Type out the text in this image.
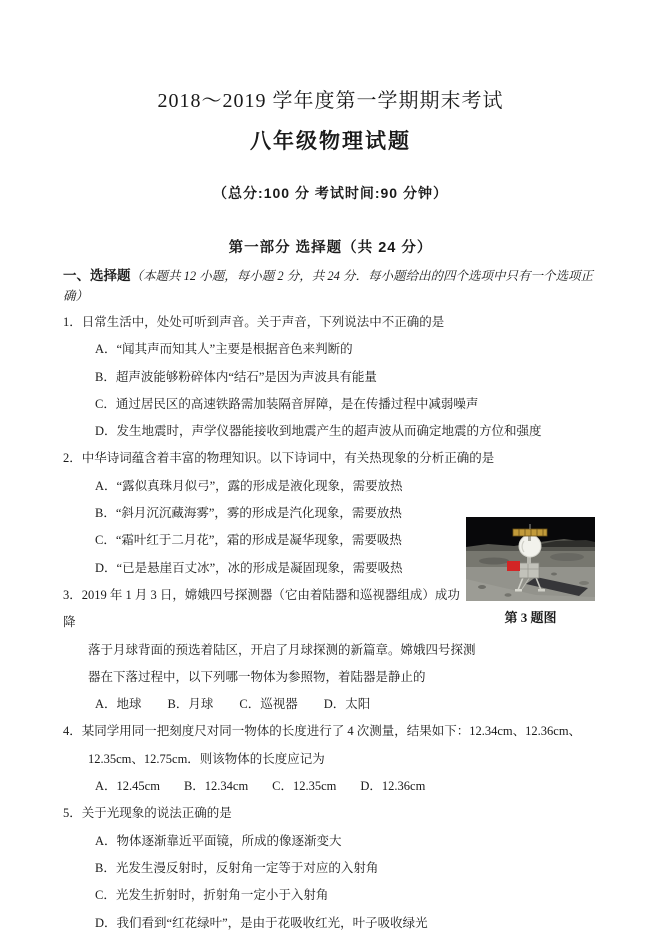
2018～2019 学年度第一学期期末考试
八年级物理试题
（总分:100 分 考试时间:90 分钟）
第一部分 选择题（共 24 分）
一、选择题（本题共 12 小题，每小题 2 分，共 24 分．每小题给出的四个选项中只有一个选项正确）
1．日常生活中，处处可听到声音。关于声音，下列说法中不正确的是
A．“闻其声而知其人”主要是根据音色来判断的
B．超声波能够粉碎体内“结石”是因为声波具有能量
C．通过居民区的高速铁路需加装隔音屏障，是在传播过程中减弱噪声
D．发生地震时，声学仪器能接收到地震产生的超声波从而确定地震的方位和强度
2．中华诗词蕴含着丰富的物理知识。以下诗词中，有关热现象的分析正确的是
A．“露似真珠月似弓”，露的形成是液化现象，需要放热
B．“斜月沉沉藏海雾”，雾的形成是汽化现象，需要放热
C．“霜叶红于二月花”，霜的形成是凝华现象，需要吸热
D．“已是悬崖百丈冰”，冰的形成是凝固现象，需要吸热
3．2019 年 1 月 3 日，嫦娥四号探测器（它由着陆器和巡视器组成）成功降
落于月球背面的预选着陆区，开启了月球探测的新篇章。嫦娥四号探测
器在下落过程中，以下列哪一物体为参照物，着陆器是静止的
A．地球 B．月球 C．巡视器 D．太阳
4．某同学用同一把刻度尺对同一物体的长度进行了 4 次测量，结果如下：12.34cm、12.36cm、
12.35cm、12.75cm．则该物体的长度应记为
A．12.45cm B．12.34cm C．12.35cm D．12.36cm
5．关于光现象的说法正确的是
A．物体逐渐靠近平面镜，所成的像逐渐变大
B．光发生漫反射时，反射角一定等于对应的入射角
C．光发生折射时，折射角一定小于入射角
D．我们看到“红花绿叶”，是由于花吸收红光，叶子吸收绿光
第 3 题图
